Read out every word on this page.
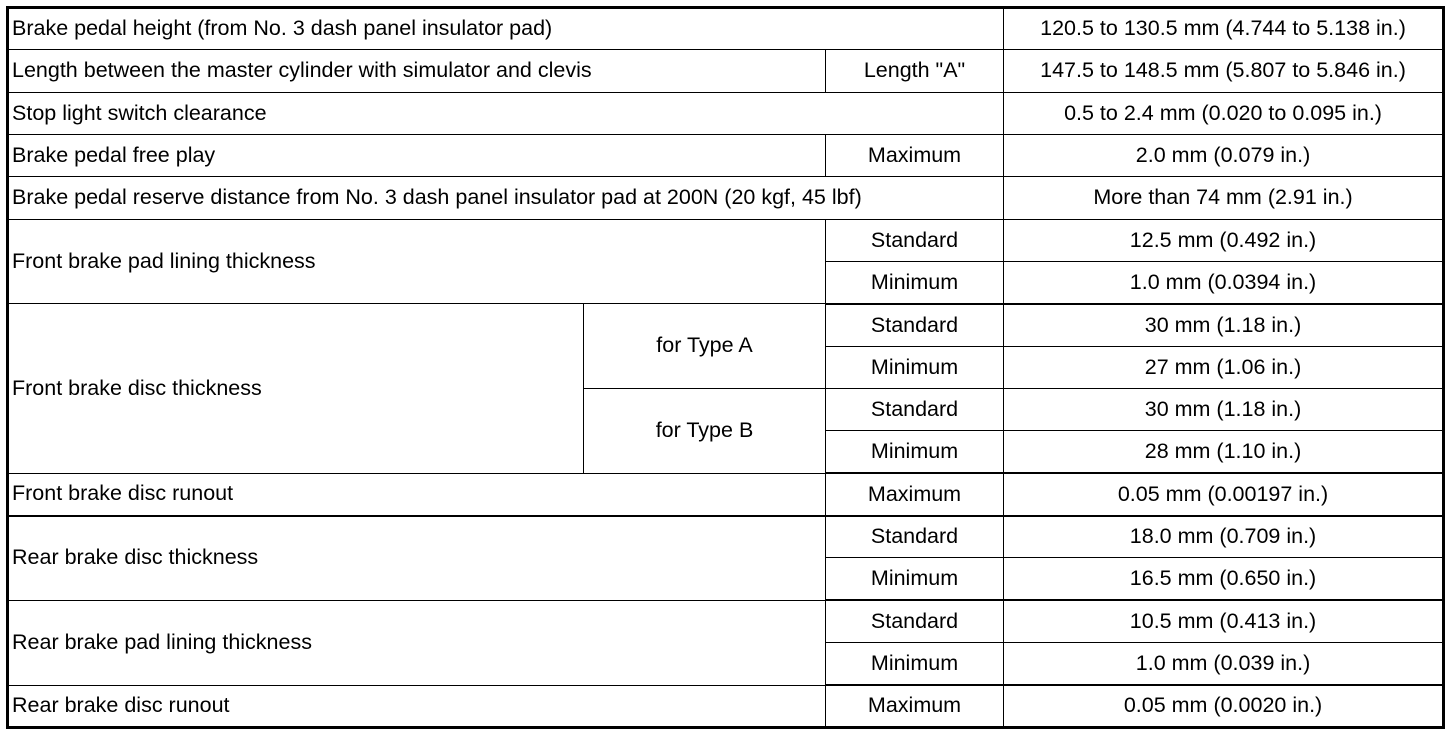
Brake pedal height (from No. 3 dash panel insulator pad)			120.5 to 130.5 mm (4.744 to 5.138 in.)
Length between the master cylinder with simulator and clevis		Length "A"	147.5 to 148.5 mm (5.807 to 5.846 in.)
Stop light switch clearance			0.5 to 2.4 mm (0.020 to 0.095 in.)
Brake pedal free play		Maximum	2.0 mm (0.079 in.)
Brake pedal reserve distance from No. 3 dash panel insulator pad at 200N (20 kgf, 45 lbf)			More than 74 mm (2.91 in.)
Front brake pad lining thickness		Standard	12.5 mm (0.492 in.)
		Minimum	1.0 mm (0.0394 in.)
Front brake disc thickness	for Type A	Standard	30 mm (1.18 in.)
		Minimum	27 mm (1.06 in.)
	for Type B	Standard	30 mm (1.18 in.)
		Minimum	28 mm (1.10 in.)
Front brake disc runout		Maximum	0.05 mm (0.00197 in.)
Rear brake disc thickness		Standard	18.0 mm (0.709 in.)
		Minimum	16.5 mm (0.650 in.)
Rear brake pad lining thickness		Standard	10.5 mm (0.413 in.)
		Minimum	1.0 mm (0.039 in.)
Rear brake disc runout		Maximum	0.05 mm (0.0020 in.)
